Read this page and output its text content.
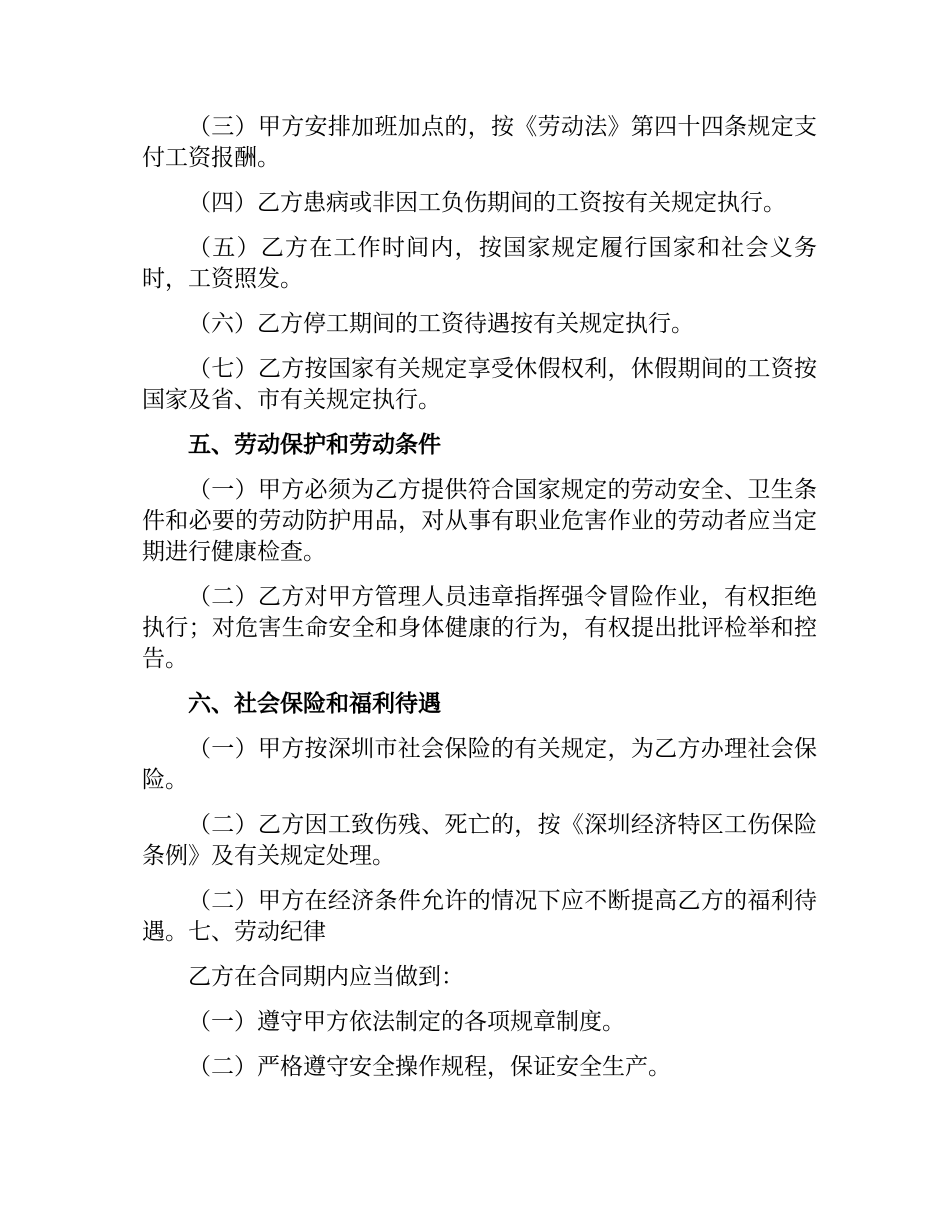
（三）甲方安排加班加点的，按《劳动法》第四十四条规定支付工资报酬。

（四）乙方患病或非因工负伤期间的工资按有关规定执行。

（五）乙方在工作时间内，按国家规定履行国家和社会义务时，工资照发。

（六）乙方停工期间的工资待遇按有关规定执行。

（七）乙方按国家有关规定享受休假权利，休假期间的工资按国家及省、市有关规定执行。

五、劳动保护和劳动条件

（一）甲方必须为乙方提供符合国家规定的劳动安全、卫生条件和必要的劳动防护用品，对从事有职业危害作业的劳动者应当定期进行健康检查。

（二）乙方对甲方管理人员违章指挥强令冒险作业，有权拒绝执行；对危害生命安全和身体健康的行为，有权提出批评检举和控告。

六、社会保险和福利待遇

（一）甲方按深圳市社会保险的有关规定，为乙方办理社会保险。

（二）乙方因工致伤残、死亡的，按《深圳经济特区工伤保险条例》及有关规定处理。

（二）甲方在经济条件允许的情况下应不断提高乙方的福利待遇。七、劳动纪律

乙方在合同期内应当做到：

（一）遵守甲方依法制定的各项规章制度。

（二）严格遵守安全操作规程，保证安全生产。
